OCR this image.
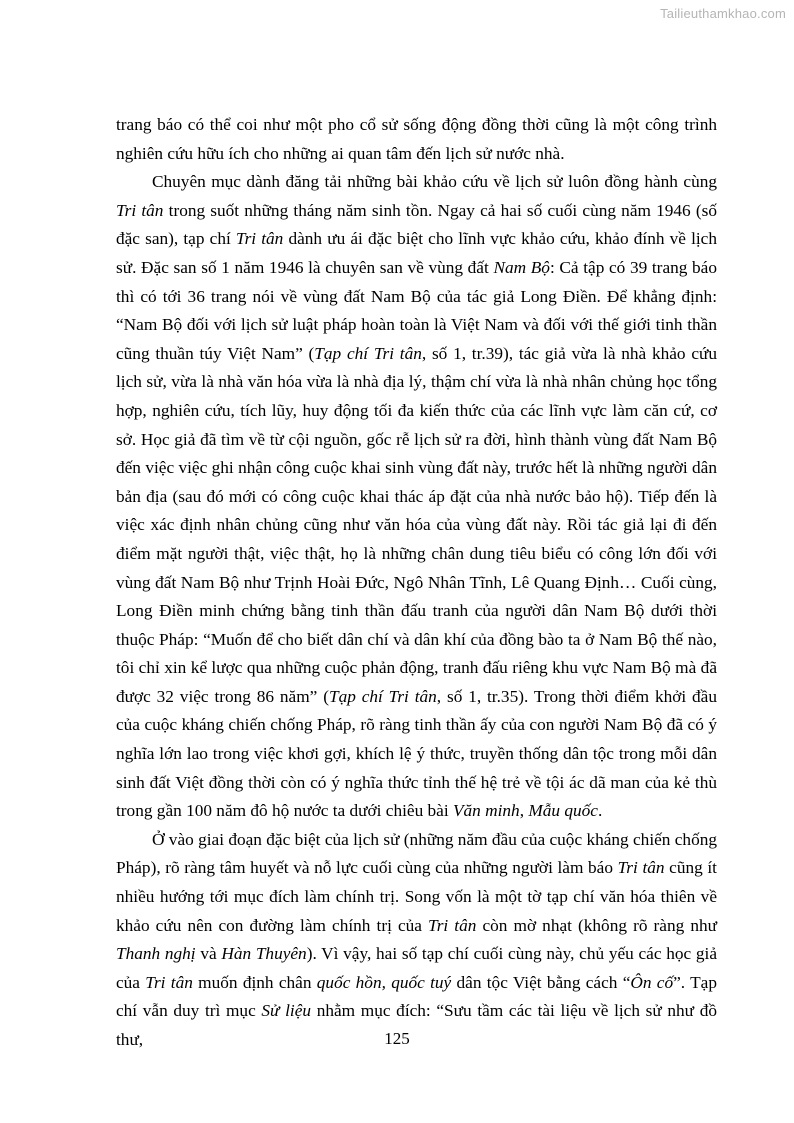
Tailieuthamkhao.com

trang báo có thể coi như một pho cổ sử sống động đồng thời cũng là một công trình nghiên cứu hữu ích cho những ai quan tâm đến lịch sử nước nhà.

Chuyên mục dành đăng tải những bài khảo cứu về lịch sử luôn đồng hành cùng Tri tân trong suốt những tháng năm sinh tồn. Ngay cả hai số cuối cùng năm 1946 (số đặc san), tạp chí Tri tân dành ưu ái đặc biệt cho lĩnh vực khảo cứu, khảo đính về lịch sử. Đặc san số 1 năm 1946 là chuyên san về vùng đất Nam Bộ: Cả tập có 39 trang báo thì có tới 36 trang nói về vùng đất Nam Bộ của tác giả Long Điền. Để khẳng định: “Nam Bộ đối với lịch sử luật pháp hoàn toàn là Việt Nam và đối với thế giới tinh thần cũng thuần túy Việt Nam” (Tạp chí Tri tân, số 1, tr.39), tác giả vừa là nhà khảo cứu lịch sử, vừa là nhà văn hóa vừa là nhà địa lý, thậm chí vừa là nhà nhân chủng học tổng hợp, nghiên cứu, tích lũy, huy động tối đa kiến thức của các lĩnh vực làm căn cứ, cơ sở. Học giả đã tìm về từ cội nguồn, gốc rễ lịch sử ra đời, hình thành vùng đất Nam Bộ đến việc việc ghi nhận công cuộc khai sinh vùng đất này, trước hết là những người dân bản địa (sau đó mới có công cuộc khai thác áp đặt của nhà nước bảo hộ). Tiếp đến là việc xác định nhân chủng cũng như văn hóa của vùng đất này. Rồi tác giả lại đi đến điểm mặt người thật, việc thật, họ là những chân dung tiêu biểu có công lớn đối với vùng đất Nam Bộ như Trịnh Hoài Đức, Ngô Nhân Tĩnh, Lê Quang Định… Cuối cùng, Long Điền minh chứng bằng tinh thần đấu tranh của người dân Nam Bộ dưới thời thuộc Pháp: “Muốn để cho biết dân chí và dân khí của đồng bào ta ở Nam Bộ thế nào, tôi chỉ xin kể lược qua những cuộc phản động, tranh đấu riêng khu vực Nam Bộ mà đã được 32 việc trong 86 năm” (Tạp chí Tri tân, số 1, tr.35). Trong thời điểm khởi đầu của cuộc kháng chiến chống Pháp, rõ ràng tinh thần ấy của con người Nam Bộ đã có ý nghĩa lớn lao trong việc khơi gợi, khích lệ ý thức, truyền thống dân tộc trong mỗi dân sinh đất Việt đồng thời còn có ý nghĩa thức tỉnh thế hệ trẻ về tội ác dã man của kẻ thù trong gần 100 năm đô hộ nước ta dưới chiêu bài Văn minh, Mẫu quốc.

Ở vào giai đoạn đặc biệt của lịch sử (những năm đầu của cuộc kháng chiến chống Pháp), rõ ràng tâm huyết và nỗ lực cuối cùng của những người làm báo Tri tân cũng ít nhiều hướng tới mục đích làm chính trị. Song vốn là một tờ tạp chí văn hóa thiên về khảo cứu nên con đường làm chính trị của Tri tân còn mờ nhạt (không rõ ràng như Thanh nghị và Hàn Thuyên). Vì vậy, hai số tạp chí cuối cùng này, chủ yếu các học giả của Tri tân muốn định chân quốc hồn, quốc tuý dân tộc Việt bằng cách “Ôn cố”. Tạp chí vẫn duy trì mục Sử liệu nhằm mục đích: “Sưu tầm các tài liệu về lịch sử như đồ thư,	125
